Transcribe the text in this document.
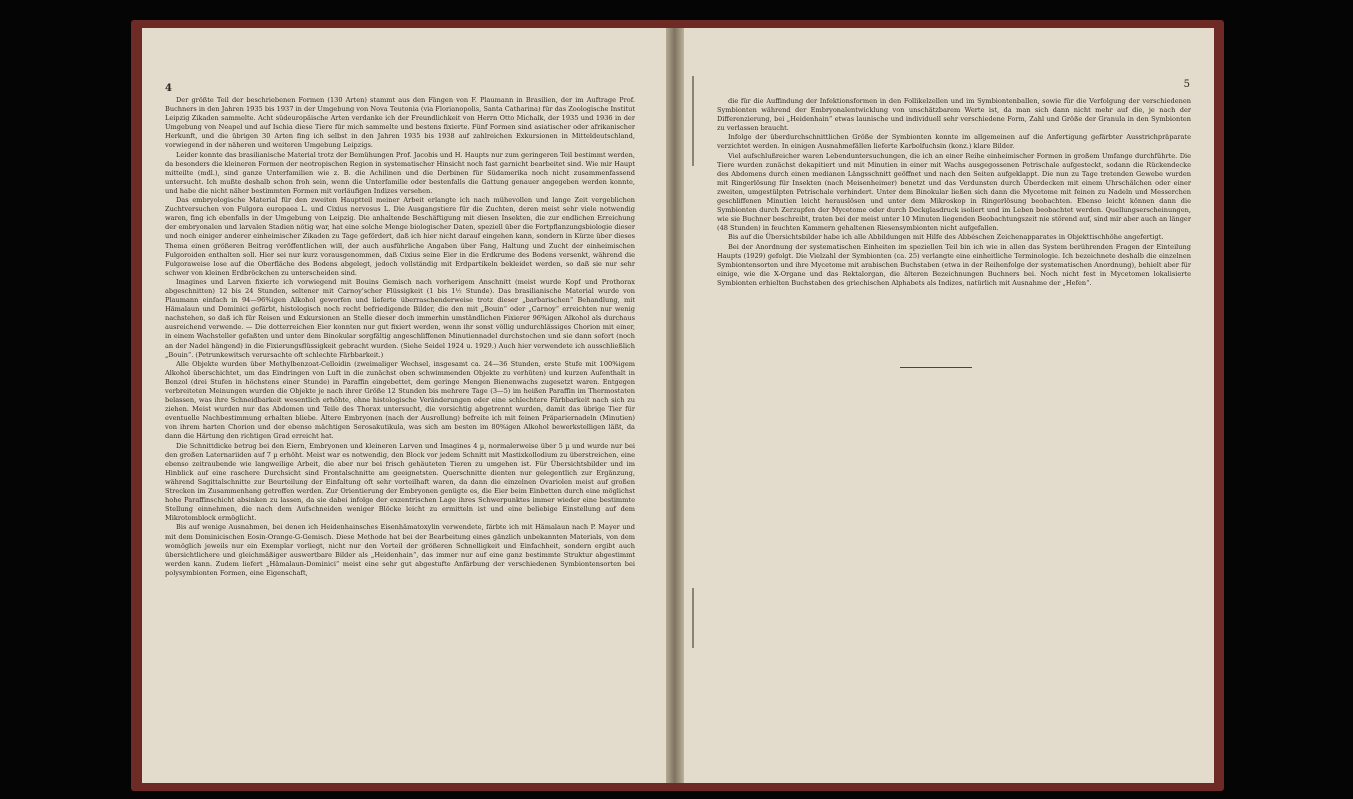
4

Der größte Teil der beschriebenen Formen (130 Arten) stammt aus den Fängen von F. Plaumann in Brasilien, der im Auftrage Prof. Buchners in den Jahren 1935 bis 1937 in der Umgebung von Nova Teutonia (via Florianopolis, Santa Catharina) für das Zoologische Institut Leipzig Zikaden sammelte. Acht südeuropäische Arten verdanke ich der Freundlichkeit von Herrn Otto Michalk, der 1935 und 1936 in der Umgebung von Neapel und auf Ischia diese Tiere für mich sammelte und bestens fixierte. Fünf Formen sind asiatischer oder afrikanischer Herkunft, und die übrigen 30 Arten fing ich selbst in den Jahren 1935 bis 1938 auf zahlreichen Exkursionen in Mitteldeutschland, vorwiegend in der näheren und weiteren Umgebung Leipzigs.

Leider konnte das brasilianische Material trotz der Bemühungen Prof. Jacobis und H. Haupts nur zum geringeren Teil bestimmt werden, da besonders die kleineren Formen der neotropischen Region in systematischer Hinsicht noch fast garnicht bearbeitet sind. Wie mir Haupt mitteilte (mdl.), sind ganze Unterfamilien wie z. B. die Achilinen und die Derbinen für Südamerika noch nicht zusammenfassend untersucht. Ich mußte deshalb schon froh sein, wenn die Unterfamilie oder bestenfalls die Gattung genauer angegeben werden konnte, und habe die nicht näher bestimmten Formen mit vorläufigen Indizes versehen.

Das embryologische Material für den zweiten Hauptteil meiner Arbeit erlangte ich nach mühevollen und lange Zeit vergeblichen Zuchtversuchen von Fulgora europaea L. und Cixius nervosus L. Die Ausgangstiere für die Zuchten, deren meist sehr viele notwendig waren, fing ich ebenfalls in der Umgebung von Leipzig. Die anhaltende Beschäftigung mit diesen Insekten, die zur endlichen Erreichung der embryonalen und larvalen Stadien nötig war, hat eine solche Menge biologischer Daten, speziell über die Fortpflanzungsbiologie dieser und noch einiger anderer einheimischer Zikaden zu Tage gefördert, daß ich hier nicht darauf eingehen kann, sondern in Kürze über dieses Thema einen größeren Beitrag veröffentlichen will, der auch ausführliche Angaben über Fang, Haltung und Zucht der einheimischen Fulgoroiden enthalten soll. Hier sei nur kurz vorausgenommen, daß Cixius seine Eier in die Erdkrume des Bodens versenkt, während die Fulgoraweise lose auf die Oberfläche des Bodens abgelegt, jedoch vollständig mit Erdpartikeln bekleidet werden, so daß sie nur sehr schwer von kleinen Erdbröckchen zu unterscheiden sind.

Imagines und Larven fixierte ich vorwiegend mit Bouins Gemisch nach vorherigem Anschnitt (meist wurde Kopf und Prothorax abgeschnitten) 12 bis 24 Stunden, seltener mit Carnoy'scher Flüssigkeit (1 bis 1½ Stunde). Das brasilianische Material wurde von Plaumann einfach in 94—96%igen Alkohol geworfen und lieferte überraschenderweise trotz dieser „barbarischen“ Behandlung, mit Hämalaun und Dominici gefärbt, histologisch noch recht befriedigende Bilder, die den mit „Bouin“ oder „Carnoy“ erreichten nur wenig nachstehen, so daß ich für Reisen und Exkursionen an Stelle dieser doch immerhin umständlichen Fixierer 96%igen Alkohol als durchaus ausreichend verwende. — Die dotterreichen Eier konnten nur gut fixiert werden, wenn ihr sonst völlig undurchlässiges Chorion mit einer, in einem Wachsteller gefaßten und unter dem Binokular sorgfältig angeschliffenen Minutiennadel durchstochen und sie dann sofort (noch an der Nadel hängend) in die Fixierungsflüssigkeit gebracht wurden. (Siehe Seidel 1924 u. 1929.) Auch hier verwendete ich ausschließlich „Bouin“. (Petrunkewitsch verursachte oft schlechte Färbbarkeit.)

Alle Objekte wurden über Methylbenzoat-Celloidin (zweimaliger Wechsel, insgesamt ca. 24—36 Stunden, erste Stufe mit 100%igem Alkohol überschichtet, um das Eindringen von Luft in die zunächst oben schwimmenden Objekte zu verhüten) und kurzen Aufenthalt in Benzol (drei Stufen in höchstens einer Stunde) in Paraffin eingebettet, dem geringe Mengen Bienenwachs zugesetzt waren. Entgegen verbreiteten Meinungen wurden die Objekte je nach ihrer Größe 12 Stunden bis mehrere Tage (3—5) im heißen Paraffin im Thermostaten belassen, was ihre Schneidbarkeit wesentlich erhöhte, ohne histologische Veränderungen oder eine schlechtere Färbbarkeit nach sich zu ziehen. Meist wurden nur das Abdomen und Teile des Thorax untersucht, die vorsichtig abgetrennt wurden, damit das übrige Tier für eventuelle Nachbestimmung erhalten bliebe. Ältere Embryonen (nach der Ausrollung) befreite ich mit feinen Präpariernadeln (Minutien) von ihrem harten Chorion und der ebenso mächtigen Serosakutikula, was sich am besten im 80%igen Alkohol bewerkstelligen läßt, da dann die Härtung den richtigen Grad erreicht hat.

Die Schnittdicke betrug bei den Eiern, Embryonen und kleineren Larven und Imagines 4 µ, normalerweise über 5 µ und wurde nur bei den großen Laternariiden auf 7 µ erhöht. Meist war es notwendig, den Block vor jedem Schnitt mit Mastixkollodium zu überstreichen, eine ebenso zeitraubende wie langweilige Arbeit, die aber nur bei frisch gehäuteten Tieren zu umgehen ist. Für Übersichtsbilder und im Hinblick auf eine raschere Durchsicht sind Frontalschnitte am geeignetsten. Querschnitte dienten nur gelegentlich zur Ergänzung, während Sagittalschnitte zur Beurteilung der Einfaltung oft sehr vorteilhaft waren, da dann die einzelnen Ovariolen meist auf großen Strecken im Zusammenhang getroffen werden. Zur Orientierung der Embryonen genügte es, die Eier beim Einbetten durch eine möglichst hohe Paraffinschicht absinken zu lassen, da sie dabei infolge der exzentrischen Lage ihres Schwerpunktes immer wieder eine bestimmte Stellung einnehmen, die nach dem Aufschneiden weniger Blöcke leicht zu ermitteln ist und eine beliebige Einstellung auf dem Mikrotomblock ermöglicht.

Bis auf wenige Ausnahmen, bei denen ich Heidenhainsches Eisenhämatoxylin verwendete, färbte ich mit Hämalaun nach P. Mayer und mit dem Dominicischen Eosin-Orange-G-Gemisch. Diese Methode hat bei der Bearbeitung eines gänzlich unbekannten Materials, von dem womöglich jeweils nur ein Exemplar vorliegt, nicht nur den Vorteil der größeren Schnelligkeit und Einfachheit, sondern ergibt auch übersichtlichere und gleichmäßiger auswertbare Bilder als „Heidenhain“, das immer nur auf eine ganz bestimmte Struktur abgestimmt werden kann. Zudem liefert „Hämalaun-Dominici“ meist eine sehr gut abgestufte Anfärbung der verschiedenen Symbiontensorten bei polysymbionten Formen, eine Eigenschaft,

5

die für die Auffindung der Infektionsformen in den Follikelzellen und im Symbiontenballen, sowie für die Verfolgung der verschiedenen Symbionten während der Embryonalentwicklung von unschätzbarem Werte ist, da man sich dann nicht mehr auf die, je nach der Differenzierung, bei „Heidenhain“ etwas launische und individuell sehr verschiedene Form, Zahl und Größe der Granula in den Symbionten zu verlassen braucht.

Infolge der überdurchschnittlichen Größe der Symbionten konnte im allgemeinen auf die Anfertigung gefärbter Ausstrichpräparate verzichtet werden. In einigen Ausnahmefällen lieferte Karbolfuchsin (konz.) klare Bilder.

Viel aufschlußreicher waren Lebenduntersuchungen, die ich an einer Reihe einheimischer Formen in großem Umfange durchführte. Die Tiere wurden zunächst dekapitiert und mit Minutien in einer mit Wachs ausgegossenen Petrischale aufgesteckt, sodann die Rückendecke des Abdomens durch einen medianen Längsschnitt geöffnet und nach den Seiten aufgeklappt. Die nun zu Tage tretenden Gewebe wurden mit Ringerlösung für Insekten (nach Meisenheimer) benetzt und das Verdunsten durch Überdecken mit einem Uhrschälchen oder einer zweiten, umgestülpten Petrischale verhindert. Unter dem Binokular ließen sich dann die Mycetome mit feinen zu Nadeln und Messerchen geschliffenen Minutien leicht herauslösen und unter dem Mikroskop in Ringerlösung beobachten. Ebenso leicht können dann die Symbionten durch Zerzupfen der Mycetome oder durch Deckglasdruck isoliert und im Leben beobachtet werden. Quellungserscheinungen, wie sie Buchner beschreibt, traten bei der meist unter 10 Minuten liegenden Beobachtungszeit nie störend auf, sind mir aber auch an länger (48 Stunden) in feuchten Kammern gehaltenen Riesensymbionten nicht aufgefallen.

Bis auf die Übersichtsbilder habe ich alle Abbildungen mit Hilfe des Abbéschen Zeichenapparates in Objekttischhöhe angefertigt.

Bei der Anordnung der systematischen Einheiten im speziellen Teil bin ich wie in allen das System berührenden Fragen der Einteilung Haupts (1929) gefolgt. Die Vielzahl der Symbionten (ca. 25) verlangte eine einheitliche Terminologie. Ich bezeichnete deshalb die einzelnen Symbiontensorten und ihre Mycetome mit arabischen Buchstaben (etwa in der Reihenfolge der systematischen Anordnung), behielt aber für einige, wie die X-Organe und das Rektalorgan, die älteren Bezeichnungen Buchners bei. Noch nicht fest in Mycetomen lokalisierte Symbionten erhielten Buchstaben des griechischen Alphabets als Indizes, natürlich mit Ausnahme der „Hefen“.
